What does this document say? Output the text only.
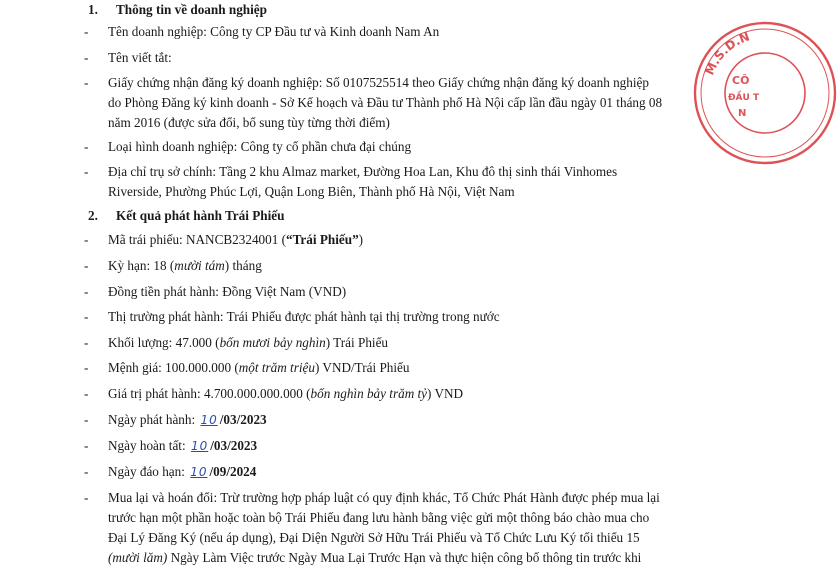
1. Thông tin về doanh nghiệp
- Tên doanh nghiệp: Công ty CP Đầu tư và Kinh doanh Nam An
- Tên viết tắt:
- Giấy chứng nhận đăng ký doanh nghiệp: Số 0107525514 theo Giấy chứng nhận đăng ký doanh nghiệp
do Phòng Đăng ký kinh doanh - Sở Kế hoạch và Đầu tư Thành phố Hà Nội cấp lần đầu ngày 01 tháng 08
năm 2016 (được sửa đổi, bổ sung tùy từng thời điểm)
- Loại hình doanh nghiệp: Công ty cổ phần chưa đại chúng
- Địa chỉ trụ sở chính: Tầng 2 khu Almaz market, Đường Hoa Lan, Khu đô thị sinh thái Vinhomes
Riverside, Phường Phúc Lợi, Quận Long Biên, Thành phố Hà Nội, Việt Nam
2. Kết quả phát hành Trái Phiếu
- Mã trái phiếu: NANCB2324001 (“Trái Phiếu”)
- Kỳ hạn: 18 (mười tám) tháng
- Đồng tiền phát hành: Đồng Việt Nam (VND)
- Thị trường phát hành: Trái Phiếu được phát hành tại thị trường trong nước
- Khối lượng: 47.000 (bốn mươi bảy nghìn) Trái Phiếu
- Mệnh giá: 100.000.000 (một trăm triệu) VND/Trái Phiếu
- Giá trị phát hành: 4.700.000.000.000 (bốn nghìn bảy trăm tỷ) VND
- Ngày phát hành: 10 /03/2023
- Ngày hoàn tất: 10 /03/2023
- Ngày đáo hạn: 10 /09/2024
- Mua lại và hoán đổi: Trừ trường hợp pháp luật có quy định khác, Tổ Chức Phát Hành được phép mua lại
trước hạn một phần hoặc toàn bộ Trái Phiếu đang lưu hành bằng việc gửi một thông báo chào mua cho
Đại Lý Đăng Ký (nếu áp dụng), Đại Diện Người Sở Hữu Trái Phiếu và Tổ Chức Lưu Ký tối thiểu 15
(mười lăm) Ngày Làm Việc trước Ngày Mua Lại Trước Hạn và thực hiện công bố thông tin trước khi
M.S.D.N
CÔ
ĐẦU T
N
